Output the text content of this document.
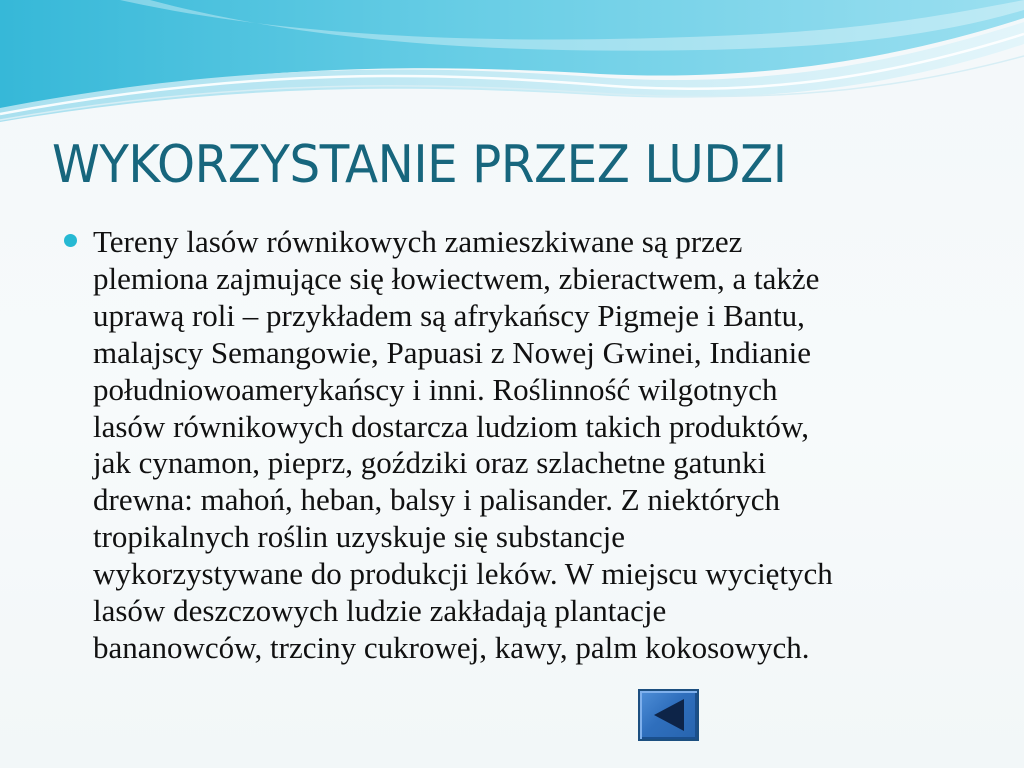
WYKORZYSTANIE PRZEZ LUDZI

Tereny lasów równikowych zamieszkiwane są przez
plemiona zajmujące się łowiectwem, zbieractwem, a także
uprawą roli – przykładem są afrykańscy Pigmeje i Bantu,
malajscy Semangowie, Papuasi z Nowej Gwinei, Indianie
południowoamerykańscy i inni. Roślinność wilgotnych
lasów równikowych dostarcza ludziom takich produktów,
jak cynamon, pieprz, goździki oraz szlachetne gatunki
drewna: mahoń, heban, balsy i palisander. Z niektórych
tropikalnych roślin uzyskuje się substancje
wykorzystywane do produkcji leków. W miejscu wyciętych
lasów deszczowych ludzie zakładają plantacje
bananowców, trzciny cukrowej, kawy, palm kokosowych.
